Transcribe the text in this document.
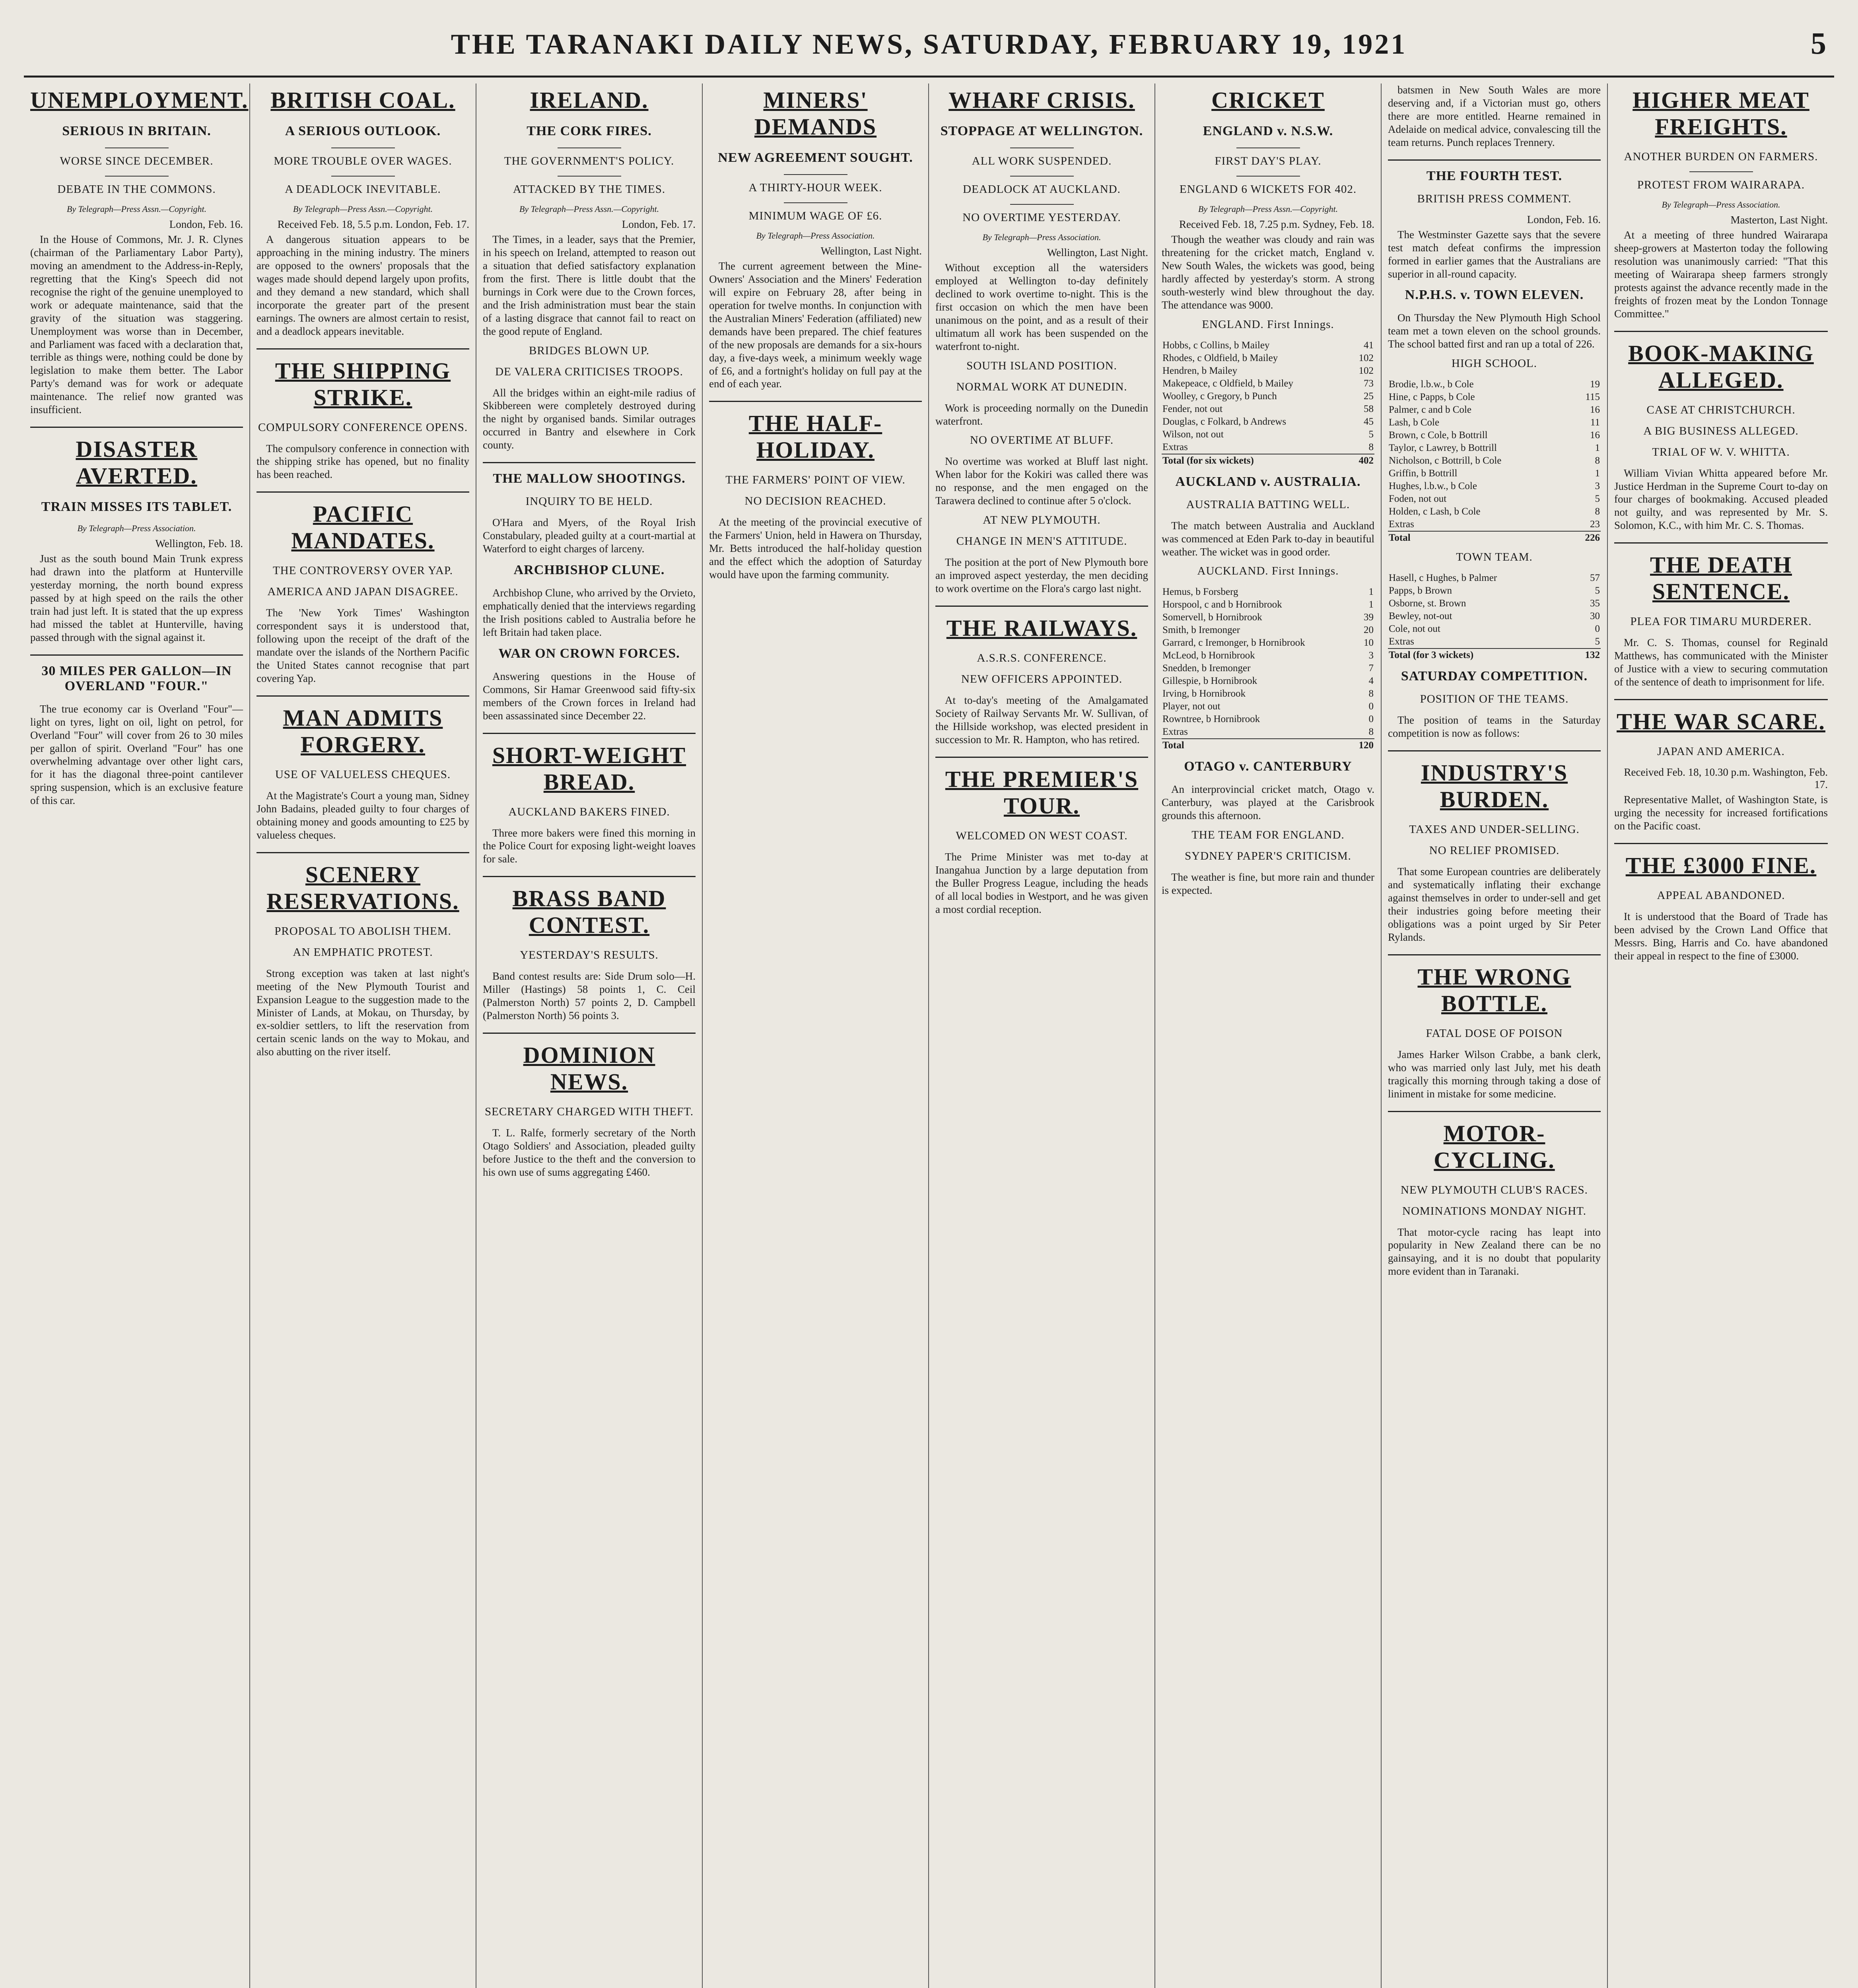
THE TARANAKI DAILY NEWS, SATURDAY, FEBRUARY 19, 1921	5
UNEMPLOYMENT.
SERIOUS IN BRITAIN.
WORSE SINCE DECEMBER.
DEBATE IN THE COMMONS.
By Telegraph—Press Assn.—Copyright.
London, Feb. 16.
In the House of Commons, Mr. J. R. Clynes (chairman of the Parliamentary Labor Party), moving an amendment to the Address-in-Reply, regretting that the King's Speech did not recognise the right of the genuine unemployed to work or adequate maintenance, said that the gravity of the situation was staggering. Unemployment was worse than in December, and Parliament was faced with a declaration that, terrible as things were, nothing could be done by legislation to make them better. The Labor Party's demand was for work or adequate maintenance. The relief now granted was insufficient.
DISASTER AVERTED.
TRAIN MISSES ITS TABLET.
By Telegraph—Press Association.
Wellington, Feb. 18.
Just as the south bound Main Trunk express had drawn into the platform at Hunterville yesterday morning, the north bound express passed by at high speed on the rails the other train had just left. It is stated that the up express had missed the tablet at Hunterville, having passed through with the signal against it.
30 MILES PER GALLON—IN OVERLAND "FOUR."
The true economy car is Overland "Four"—light on tyres, light on oil, light on petrol, for Overland "Four" will cover from 26 to 30 miles per gallon of spirit. Overland "Four" has one overwhelming advantage over other light cars, for it has the diagonal three-point cantilever spring suspension, which is an exclusive feature of this car.
BRITISH COAL.
A SERIOUS OUTLOOK.
MORE TROUBLE OVER WAGES.
A DEADLOCK INEVITABLE.
By Telegraph—Press Assn.—Copyright.
Received Feb. 18, 5.5 p.m. London, Feb. 17.
A dangerous situation appears to be approaching in the mining industry. The miners are opposed to the owners' proposals that the wages made should depend largely upon profits, and they demand a new standard, which shall incorporate the greater part of the present earnings. The owners are almost certain to resist, and a deadlock appears inevitable.
THE SHIPPING STRIKE.
COMPULSORY CONFERENCE OPENS.
The compulsory conference in connection with the shipping strike has opened, but no finality has been reached.
PACIFIC MANDATES.
THE CONTROVERSY OVER YAP.
AMERICA AND JAPAN DISAGREE.
The 'New York Times' Washington correspondent says it is understood that, following upon the receipt of the draft of the mandate over the islands of the Northern Pacific the United States cannot recognise that part covering Yap.
MAN ADMITS FORGERY.
USE OF VALUELESS CHEQUES.
At the Magistrate's Court a young man, Sidney John Badains, pleaded guilty to four charges of obtaining money and goods amounting to £25 by valueless cheques.
SCENERY RESERVATIONS.
PROPOSAL TO ABOLISH THEM.
AN EMPHATIC PROTEST.
Strong exception was taken at last night's meeting of the New Plymouth Tourist and Expansion League to the suggestion made to the Minister of Lands, at Mokau, on Thursday, by ex-soldier settlers, to lift the reservation from certain scenic lands on the way to Mokau, and also abutting on the river itself.
IRELAND.
THE CORK FIRES.
THE GOVERNMENT'S POLICY.
ATTACKED BY THE TIMES.
By Telegraph—Press Assn.—Copyright.
London, Feb. 17.
The Times, in a leader, says that the Premier, in his speech on Ireland, attempted to reason out a situation that defied satisfactory explanation from the first. There is little doubt that the burnings in Cork were due to the Crown forces, and the Irish administration must bear the stain of a lasting disgrace that cannot fail to react on the good repute of England.
BRIDGES BLOWN UP.
DE VALERA CRITICISES TROOPS.
All the bridges within an eight-mile radius of Skibbereen were completely destroyed during the night by organised bands. Similar outrages occurred in Bantry and elsewhere in Cork county.
THE MALLOW SHOOTINGS.
INQUIRY TO BE HELD.
O'Hara and Myers, of the Royal Irish Constabulary, pleaded guilty at a court-martial at Waterford to eight charges of larceny.
ARCHBISHOP CLUNE.
Archbishop Clune, who arrived by the Orvieto, emphatically denied that the interviews regarding the Irish positions cabled to Australia before he left Britain had taken place.
WAR ON CROWN FORCES.
Answering questions in the House of Commons, Sir Hamar Greenwood said fifty-six members of the Crown forces in Ireland had been assassinated since December 22.
SHORT-WEIGHT BREAD.
AUCKLAND BAKERS FINED.
Three more bakers were fined this morning in the Police Court for exposing light-weight loaves for sale.
BRASS BAND CONTEST.
YESTERDAY'S RESULTS.
Band contest results are: Side Drum solo—H. Miller (Hastings) 58 points 1, C. Ceil (Palmerston North) 57 points 2, D. Campbell (Palmerston North) 56 points 3.
DOMINION NEWS.
SECRETARY CHARGED WITH THEFT.
T. L. Ralfe, formerly secretary of the North Otago Soldiers' and Association, pleaded guilty before Justice to the theft and the conversion to his own use of sums aggregating £460.
MINERS' DEMANDS
NEW AGREEMENT SOUGHT.
A THIRTY-HOUR WEEK.
MINIMUM WAGE OF £6.
By Telegraph—Press Association.
Wellington, Last Night.
The current agreement between the Mine-Owners' Association and the Miners' Federation will expire on February 28, after being in operation for twelve months. In conjunction with the Australian Miners' Federation (affiliated) new demands have been prepared. The chief features of the new proposals are demands for a six-hours day, a five-days week, a minimum weekly wage of £6, and a fortnight's holiday on full pay at the end of each year.
THE HALF-HOLIDAY.
THE FARMERS' POINT OF VIEW.
NO DECISION REACHED.
At the meeting of the provincial executive of the Farmers' Union, held in Hawera on Thursday, Mr. Betts introduced the half-holiday question and the effect which the adoption of Saturday would have upon the farming community.
WHARF CRISIS.
STOPPAGE AT WELLINGTON.
ALL WORK SUSPENDED.
DEADLOCK AT AUCKLAND.
NO OVERTIME YESTERDAY.
By Telegraph—Press Association.
Wellington, Last Night.
Without exception all the watersiders employed at Wellington to-day definitely declined to work overtime to-night. This is the first occasion on which the men have been unanimous on the point, and as a result of their ultimatum all work has been suspended on the waterfront to-night.
SOUTH ISLAND POSITION.
NORMAL WORK AT DUNEDIN.
Work is proceeding normally on the Dunedin waterfront.
NO OVERTIME AT BLUFF.
No overtime was worked at Bluff last night. When labor for the Kokiri was called there was no response, and the men engaged on the Tarawera declined to continue after 5 o'clock.
AT NEW PLYMOUTH.
CHANGE IN MEN'S ATTITUDE.
The position at the port of New Plymouth bore an improved aspect yesterday, the men deciding to work overtime on the Flora's cargo last night.
THE RAILWAYS.
A.S.R.S. CONFERENCE.
NEW OFFICERS APPOINTED.
At to-day's meeting of the Amalgamated Society of Railway Servants Mr. W. Sullivan, of the Hillside workshop, was elected president in succession to Mr. R. Hampton, who has retired.
THE PREMIER'S TOUR.
WELCOMED ON WEST COAST.
The Prime Minister was met to-day at Inangahua Junction by a large deputation from the Buller Progress League, including the heads of all local bodies in Westport, and he was given a most cordial reception.
CRICKET
ENGLAND v. N.S.W.
FIRST DAY'S PLAY.
ENGLAND 6 WICKETS FOR 402.
By Telegraph—Press Assn.—Copyright.
Received Feb. 18, 7.25 p.m. Sydney, Feb. 18.
Though the weather was cloudy and rain was threatening for the cricket match, England v. New South Wales, the wickets was good, being hardly affected by yesterday's storm. A strong south-westerly wind blew throughout the day. The attendance was 9000.
ENGLAND. First Innings.
Hobbs, c Collins, b Mailey	41
Rhodes, c Oldfield, b Mailey	102
Hendren, b Mailey	102
Makepeace, c Oldfield, b Mailey	73
Woolley, c Gregory, b Punch	25
Fender, not out	58
Douglas, c Folkard, b Andrews	45
Wilson, not out	5
Extras	8
Total (for six wickets)	402
AUCKLAND v. AUSTRALIA.
AUSTRALIA BATTING WELL.
The match between Australia and Auckland was commenced at Eden Park to-day in beautiful weather. The wicket was in good order.
AUCKLAND. First Innings.
Hemus, b Forsberg	1
Horspool, c and b Hornibrook	1
Somervell, b Hornibrook	39
Smith, b Iremonger	20
Garrard, c Iremonger, b Hornibrook	10
McLeod, b Hornibrook	3
Snedden, b Iremonger	7
Gillespie, b Hornibrook	4
Irving, b Hornibrook	8
Player, not out	0
Rowntree, b Hornibrook	0
Extras	8
Total	120
OTAGO v. CANTERBURY
An interprovincial cricket match, Otago v. Canterbury, was played at the Carisbrook grounds this afternoon.
THE TEAM FOR ENGLAND.
SYDNEY PAPER'S CRITICISM.
The weather is fine, but more rain and thunder is expected.
batsmen in New South Wales are more deserving and, if a Victorian must go, others there are more entitled. Hearne remained in Adelaide on medical advice, convalescing till the team returns. Punch replaces Trennery.
THE FOURTH TEST.
BRITISH PRESS COMMENT.
London, Feb. 16.
The Westminster Gazette says that the severe test match defeat confirms the impression formed in earlier games that the Australians are superior in all-round capacity.
N.P.H.S. v. TOWN ELEVEN.
On Thursday the New Plymouth High School team met a town eleven on the school grounds. The school batted first and ran up a total of 226.
HIGH SCHOOL.
Brodie, l.b.w., b Cole	19
Hine, c Papps, b Cole	115
Palmer, c and b Cole	16
Lash, b Cole	11
Brown, c Cole, b Bottrill	16
Taylor, c Lawrey, b Bottrill	1
Nicholson, c Bottrill, b Cole	8
Griffin, b Bottrill	1
Hughes, l.b.w., b Cole	3
Foden, not out	5
Holden, c Lash, b Cole	8
Extras	23
Total	226
TOWN TEAM.
Hasell, c Hughes, b Palmer	57
Papps, b Brown	5
Osborne, st. Brown	35
Bewley, not-out	30
Cole, not out	0
Extras	5
Total (for 3 wickets)	132
SATURDAY COMPETITION.
POSITION OF THE TEAMS.
The position of teams in the Saturday competition is now as follows:
INDUSTRY'S BURDEN.
TAXES AND UNDER-SELLING.
NO RELIEF PROMISED.
That some European countries are deliberately and systematically inflating their exchange against themselves in order to under-sell and get their industries going before meeting their obligations was a point urged by Sir Peter Rylands.
THE WRONG BOTTLE.
FATAL DOSE OF POISON
James Harker Wilson Crabbe, a bank clerk, who was married only last July, met his death tragically this morning through taking a dose of liniment in mistake for some medicine.
MOTOR-CYCLING.
NEW PLYMOUTH CLUB'S RACES.
NOMINATIONS MONDAY NIGHT.
That motor-cycle racing has leapt into popularity in New Zealand there can be no gainsaying, and it is no doubt that popularity more evident than in Taranaki.
HIGHER MEAT FREIGHTS.
ANOTHER BURDEN ON FARMERS.
PROTEST FROM WAIRARAPA.
By Telegraph—Press Association.
Masterton, Last Night.
At a meeting of three hundred Wairarapa sheep-growers at Masterton today the following resolution was unanimously carried: "That this meeting of Wairarapa sheep farmers strongly protests against the advance recently made in the freights of frozen meat by the London Tonnage Committee."
BOOK-MAKING ALLEGED.
CASE AT CHRISTCHURCH.
A BIG BUSINESS ALLEGED.
TRIAL OF W. V. WHITTA.
William Vivian Whitta appeared before Mr. Justice Herdman in the Supreme Court to-day on four charges of bookmaking. Accused pleaded not guilty, and was represented by Mr. S. Solomon, K.C., with him Mr. C. S. Thomas.
THE DEATH SENTENCE.
PLEA FOR TIMARU MURDERER.
Mr. C. S. Thomas, counsel for Reginald Matthews, has communicated with the Minister of Justice with a view to securing commutation of the sentence of death to imprisonment for life.
THE WAR SCARE.
JAPAN AND AMERICA.
Received Feb. 18, 10.30 p.m. Washington, Feb. 17.
Representative Mallet, of Washington State, is urging the necessity for increased fortifications on the Pacific coast.
THE £3000 FINE.
APPEAL ABANDONED.
It is understood that the Board of Trade has been advised by the Crown Land Office that Messrs. Bing, Harris and Co. have abandoned their appeal in respect to the fine of £3000.
